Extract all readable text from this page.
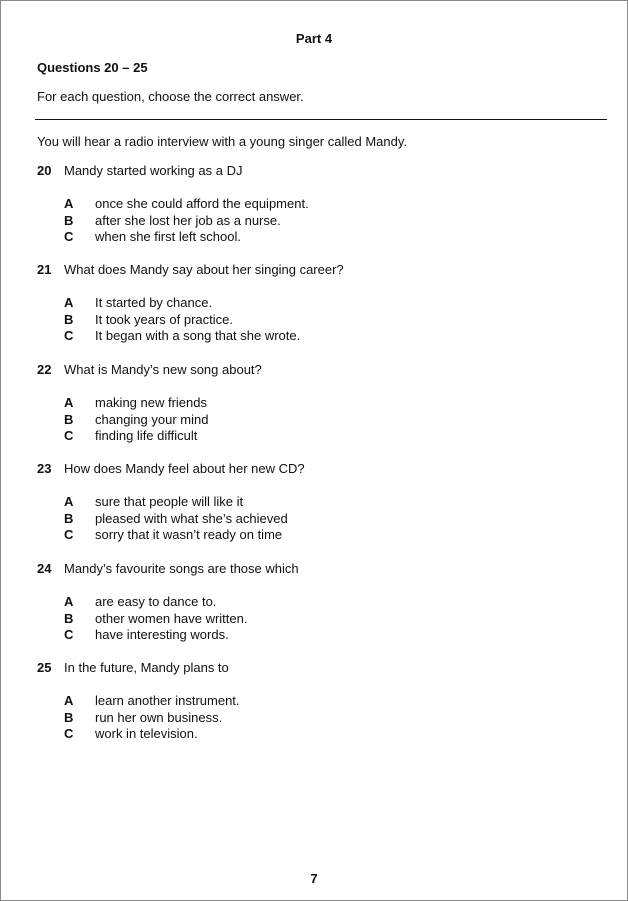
Part 4
Questions 20 – 25
For each question, choose the correct answer.
You will hear a radio interview with a young singer called Mandy.
20 Mandy started working as a DJ
A once she could afford the equipment.
B after she lost her job as a nurse.
C when she first left school.
21 What does Mandy say about her singing career?
A It started by chance.
B It took years of practice.
C It began with a song that she wrote.
22 What is Mandy’s new song about?
A making new friends
B changing your mind
C finding life difficult
23 How does Mandy feel about her new CD?
A sure that people will like it
B pleased with what she’s achieved
C sorry that it wasn’t ready on time
24 Mandy’s favourite songs are those which
A are easy to dance to.
B other women have written.
C have interesting words.
25 In the future, Mandy plans to
A learn another instrument.
B run her own business.
C work in television.
7
